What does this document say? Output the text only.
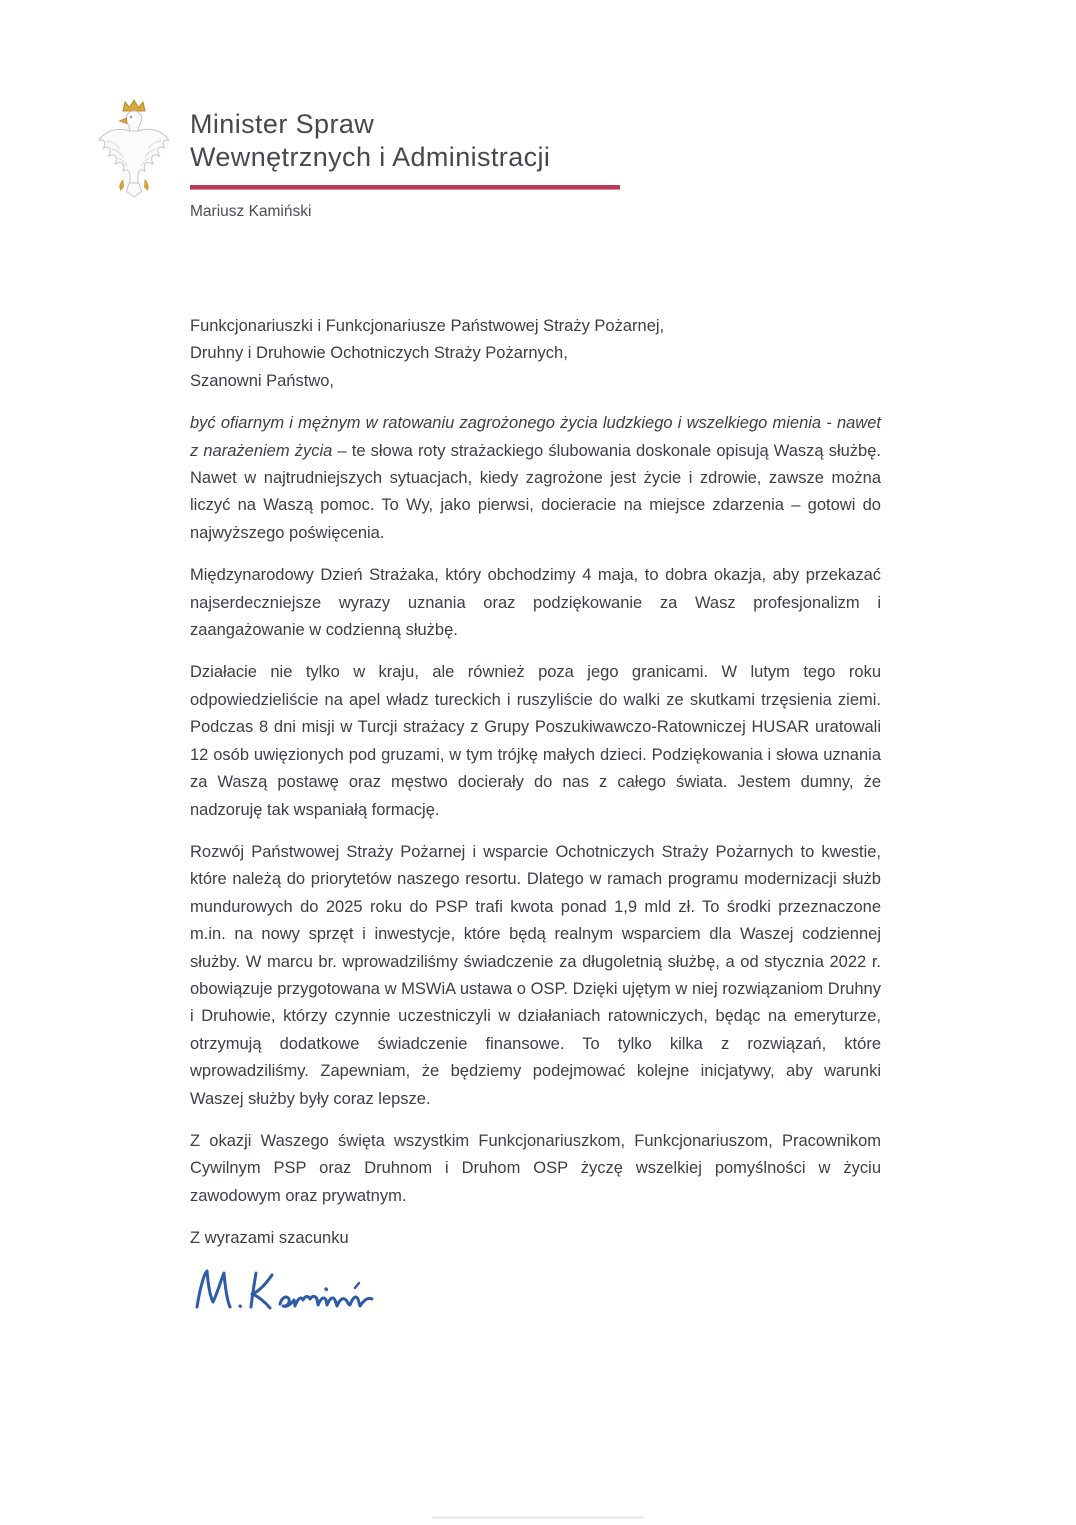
Minister Spraw
Wewnętrznych i Administracji
Mariusz Kamiński

Funkcjonariuszki i Funkcjonariusze Państwowej Straży Pożarnej,
Druhny i Druhowie Ochotniczych Straży Pożarnych,
Szanowni Państwo,

być ofiarnym i mężnym w ratowaniu zagrożonego życia ludzkiego i wszelkiego mienia - nawet z narażeniem życia – te słowa roty strażackiego ślubowania doskonale opisują Waszą służbę. Nawet w najtrudniejszych sytuacjach, kiedy zagrożone jest życie i zdrowie, zawsze można liczyć na Waszą pomoc. To Wy, jako pierwsi, docieracie na miejsce zdarzenia – gotowi do najwyższego poświęcenia.

Międzynarodowy Dzień Strażaka, który obchodzimy 4 maja, to dobra okazja, aby przekazać najserdeczniejsze wyrazy uznania oraz podziękowanie za Wasz profesjonalizm i zaangażowanie w codzienną służbę.

Działacie nie tylko w kraju, ale również poza jego granicami. W lutym tego roku odpowiedzieliście na apel władz tureckich i ruszyliście do walki ze skutkami trzęsienia ziemi. Podczas 8 dni misji w Turcji strażacy z Grupy Poszukiwawczo-Ratowniczej HUSAR uratowali 12 osób uwięzionych pod gruzami, w tym trójkę małych dzieci. Podziękowania i słowa uznania za Waszą postawę oraz męstwo docierały do nas z całego świata. Jestem dumny, że nadzoruję tak wspaniałą formację.

Rozwój Państwowej Straży Pożarnej i wsparcie Ochotniczych Straży Pożarnych to kwestie, które należą do priorytetów naszego resortu. Dlatego w ramach programu modernizacji służb mundurowych do 2025 roku do PSP trafi kwota ponad 1,9 mld zł. To środki przeznaczone m.in. na nowy sprzęt i inwestycje, które będą realnym wsparciem dla Waszej codziennej służby. W marcu br. wprowadziliśmy świadczenie za długoletnią służbę, a od stycznia 2022 r. obowiązuje przygotowana w MSWiA ustawa o OSP. Dzięki ujętym w niej rozwiązaniom Druhny i Druhowie, którzy czynnie uczestniczyli w działaniach ratowniczych, będąc na emeryturze, otrzymują dodatkowe świadczenie finansowe. To tylko kilka z rozwiązań, które wprowadziliśmy. Zapewniam, że będziemy podejmować kolejne inicjatywy, aby warunki Waszej służby były coraz lepsze.

Z okazji Waszego święta wszystkim Funkcjonariuszkom, Funkcjonariuszom, Pracownikom Cywilnym PSP oraz Druhnom i Druhom OSP życzę wszelkiej pomyślności w życiu zawodowym oraz prywatnym.

Z wyrazami szacunku
